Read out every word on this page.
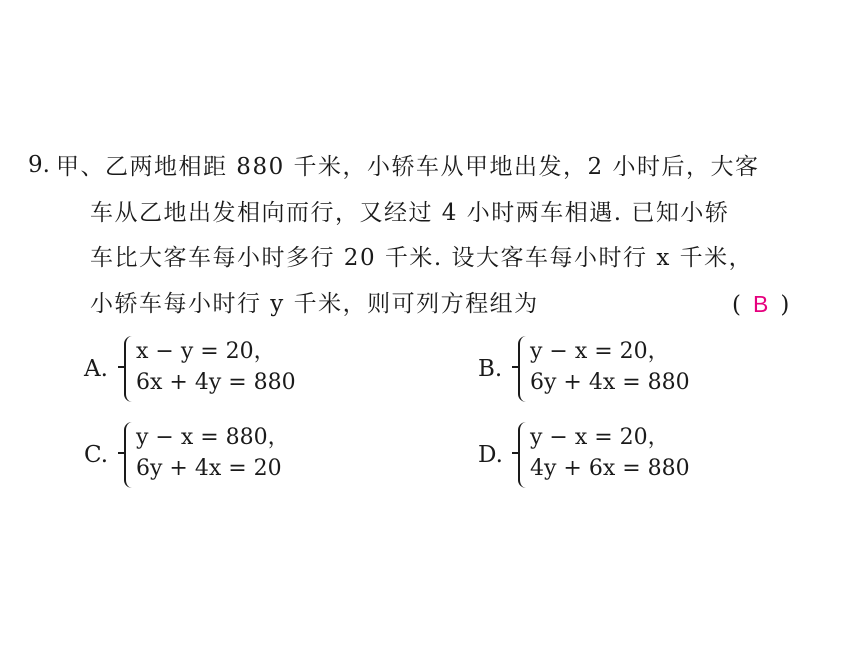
9. 甲、乙两地相距 880 千米，小轿车从甲地出发，2 小时后，大客
车从乙地出发相向而行，又经过 4 小时两车相遇. 已知小轿
车比大客车每小时多行 20 千米. 设大客车每小时行 x 千米，
小轿车每小时行 y 千米，则可列方程组为	( B )
A.
x − y = 20，
6x + 4y = 880
B.
y − x = 20，
6y + 4x = 880
C.
y − x = 880，
6y + 4x = 20
D.
y − x = 20，
4y + 6x = 880
